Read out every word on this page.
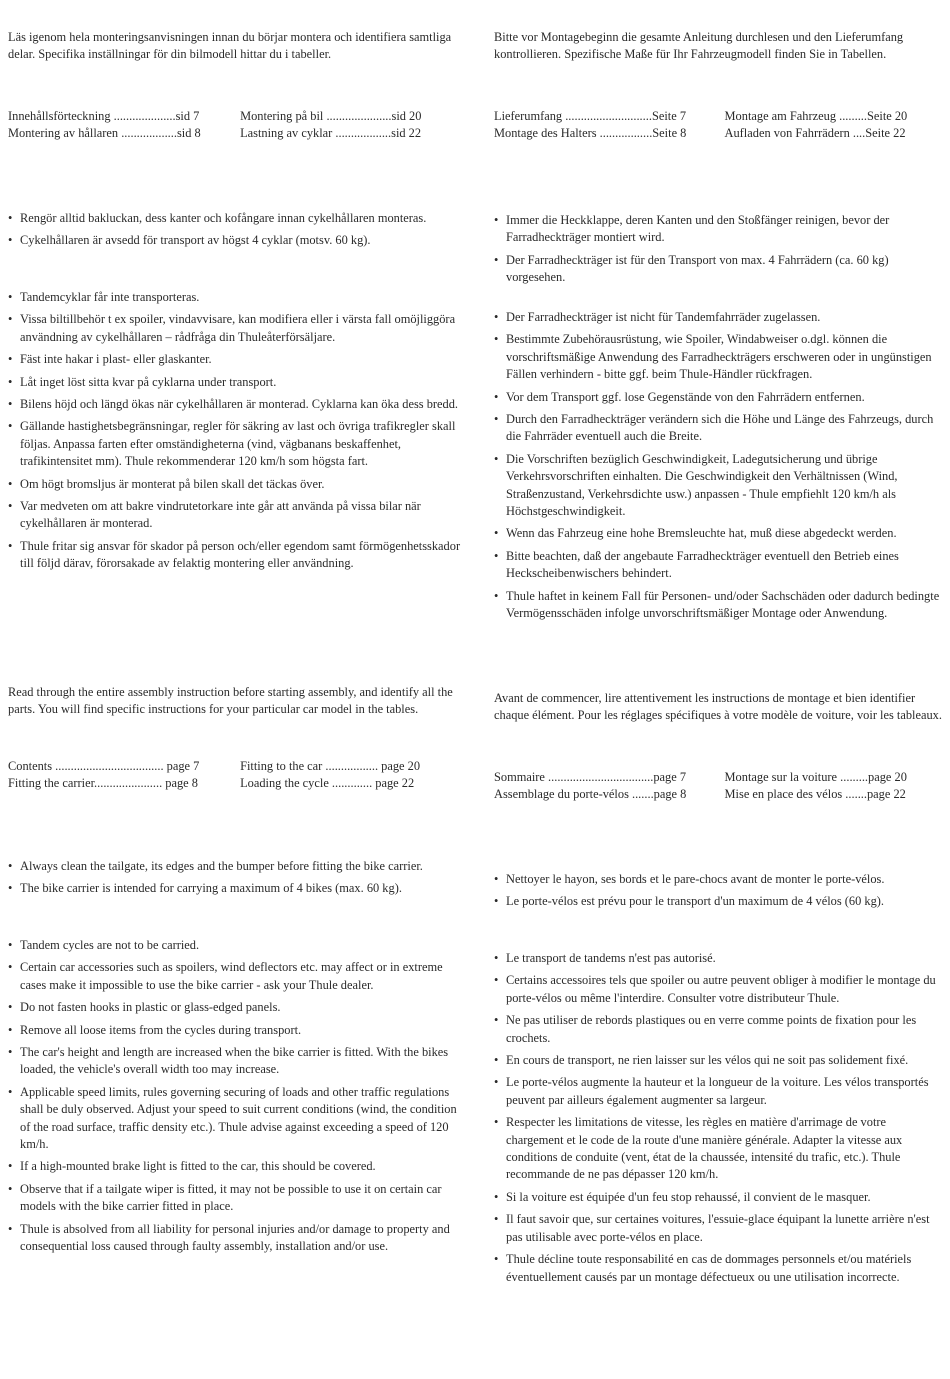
Läs igenom hela monteringsanvisningen innan du börjar montera och identifiera samtliga delar. Specifika inställningar för din bilmodell hittar du i tabeller.

Innehållsförteckning ....................sid 7	Montering på bil .....................sid 20
Montering av hållaren ..................sid 8	Lastning av cyklar ..................sid 22
• Rengör alltid bakluckan, dess kanter och kofångare innan cykelhållaren monteras.
• Cykelhållaren är avsedd för transport av högst 4 cyklar (motsv. 60 kg).
• Tandemcyklar får inte transporteras.
• Vissa biltillbehör t ex spoiler, vindavvisare, kan modifiera eller i värsta fall omöjliggöra användning av cykelhållaren – rådfråga din Thuleåterförsäljare.
• Fäst inte hakar i plast- eller glaskanter.
• Låt inget löst sitta kvar på cyklarna under transport.
• Bilens höjd och längd ökas när cykelhållaren är monterad. Cyklarna kan öka dess bredd.
• Gällande hastighetsbegränsningar, regler för säkring av last och övriga trafikregler skall följas. Anpassa farten efter omständigheterna (vind, vägbanans beskaffenhet, trafikintensitet mm). Thule rekommenderar 120 km/h som högsta fart.
• Om högt bromsljus är monterat på bilen skall det täckas över.
• Var medveten om att bakre vindrutetorkare inte går att använda på vissa bilar när cykelhållaren är monterad.
• Thule fritar sig ansvar för skador på person och/eller egendom samt förmögenhetsskador till följd därav, förorsakade av felaktig montering eller användning.

Bitte vor Montagebeginn die gesamte Anleitung durchlesen und den Lieferumfang kontrollieren. Spezifische Maße für Ihr Fahrzeugmodell finden Sie in Tabellen.

Lieferumfang ............................Seite 7	Montage am Fahrzeug .........Seite 20
Montage des Halters .................Seite 8	Aufladen von Fahrrädern ....Seite 22
• Immer die Heckklappe, deren Kanten und den Stoßfänger reinigen, bevor der Farradheckträger montiert wird.
• Der Farradheckträger ist für den Transport von max. 4 Fahrrädern (ca. 60 kg) vorgesehen.
• Der Farradheckträger ist nicht für Tandemfahrräder zugelassen.
• Bestimmte Zubehörausrüstung, wie Spoiler, Windabweiser o.dgl. können die vorschriftsmäßige Anwendung des Farradheckträgers erschweren oder in ungünstigen Fällen verhindern - bitte ggf. beim Thule-Händler rückfragen.
• Vor dem Transport ggf. lose Gegenstände von den Fahrrädern entfernen.
• Durch den Farradheckträger verändern sich die Höhe und Länge des Fahrzeugs, durch die Fahrräder eventuell auch die Breite.
• Die Vorschriften bezüglich Geschwindigkeit, Ladegutsicherung und übrige Verkehrsvorschriften einhalten. Die Geschwindigkeit den Verhältnissen (Wind, Straßenzustand, Verkehrsdichte usw.) anpassen - Thule empfiehlt 120 km/h als Höchstgeschwindigkeit.
• Wenn das Fahrzeug eine hohe Bremsleuchte hat, muß diese abgedeckt werden.
• Bitte beachten, daß der angebaute Farradheckträger eventuell den Betrieb eines Heckscheibenwischers behindert.
• Thule haftet in keinem Fall für Personen- und/oder Sachschäden oder dadurch bedingte Vermögensschäden infolge unvorschriftsmäßiger Montage oder Anwendung.

Read through the entire assembly instruction before starting assembly, and identify all the parts. You will find specific instructions for your particular car model in the tables.

Contents ................................... page 7	Fitting to the car ................. page 20
Fitting the carrier...................... page 8	Loading the cycle ............. page 22
• Always clean the tailgate, its edges and the bumper before fitting the bike carrier.
• The bike carrier is intended for carrying a maximum of 4 bikes (max. 60 kg).
• Tandem cycles are not to be carried.
• Certain car accessories such as spoilers, wind deflectors etc. may affect or in extreme cases make it impossible to use the bike carrier - ask your Thule dealer.
• Do not fasten hooks in plastic or glass-edged panels.
• Remove all loose items from the cycles during transport.
• The car's height and length are increased when the bike carrier is fitted. With the bikes loaded, the vehicle's overall width too may increase.
• Applicable speed limits, rules governing securing of loads and other traffic regulations shall be duly observed. Adjust your speed to suit current conditions (wind, the condition of the road surface, traffic density etc.). Thule advise against exceeding a speed of 120 km/h.
• If a high-mounted brake light is fitted to the car, this should be covered.
• Observe that if a tailgate wiper is fitted, it may not be possible to use it on certain car models with the bike carrier fitted in place.
• Thule is absolved from all liability for personal injuries and/or damage to property and consequential loss caused through faulty assembly, installation and/or use.

Avant de commencer, lire attentivement les instructions de montage et bien identifier chaque élément. Pour les réglages spécifiques à votre modèle de voiture, voir les tableaux.

Sommaire ..................................page 7	Montage sur la voiture .........page 20
Assemblage du porte-vélos .......page 8	Mise en place des vélos .......page 22
• Nettoyer le hayon, ses bords et le pare-chocs avant de monter le porte-vélos.
• Le porte-vélos est prévu pour le transport d'un maximum de 4 vélos (60 kg).
• Le transport de tandems n'est pas autorisé.
• Certains accessoires tels que spoiler ou autre peuvent obliger à modifier le montage du porte-vélos ou même l'interdire. Consulter votre distributeur Thule.
• Ne pas utiliser de rebords plastiques ou en verre comme points de fixation pour les crochets.
• En cours de transport, ne rien laisser sur les vélos qui ne soit pas solidement fixé.
• Le porte-vélos augmente la hauteur et la longueur de la voiture. Les vélos transportés peuvent par ailleurs également augmenter sa largeur.
• Respecter les limitations de vitesse, les règles en matière d'arrimage de votre chargement et le code de la route d'une manière générale. Adapter la vitesse aux conditions de conduite (vent, état de la chaussée, intensité du trafic, etc.). Thule recommande de ne pas dépasser 120 km/h.
• Si la voiture est équipée d'un feu stop rehaussé, il convient de le masquer.
• Il faut savoir que, sur certaines voitures, l'essuie-glace équipant la lunette arrière n'est pas utilisable avec porte-vélos en place.
• Thule décline toute responsabilité en cas de dommages personnels et/ou matériels éventuellement causés par un montage défectueux ou une utilisation incorrecte.
